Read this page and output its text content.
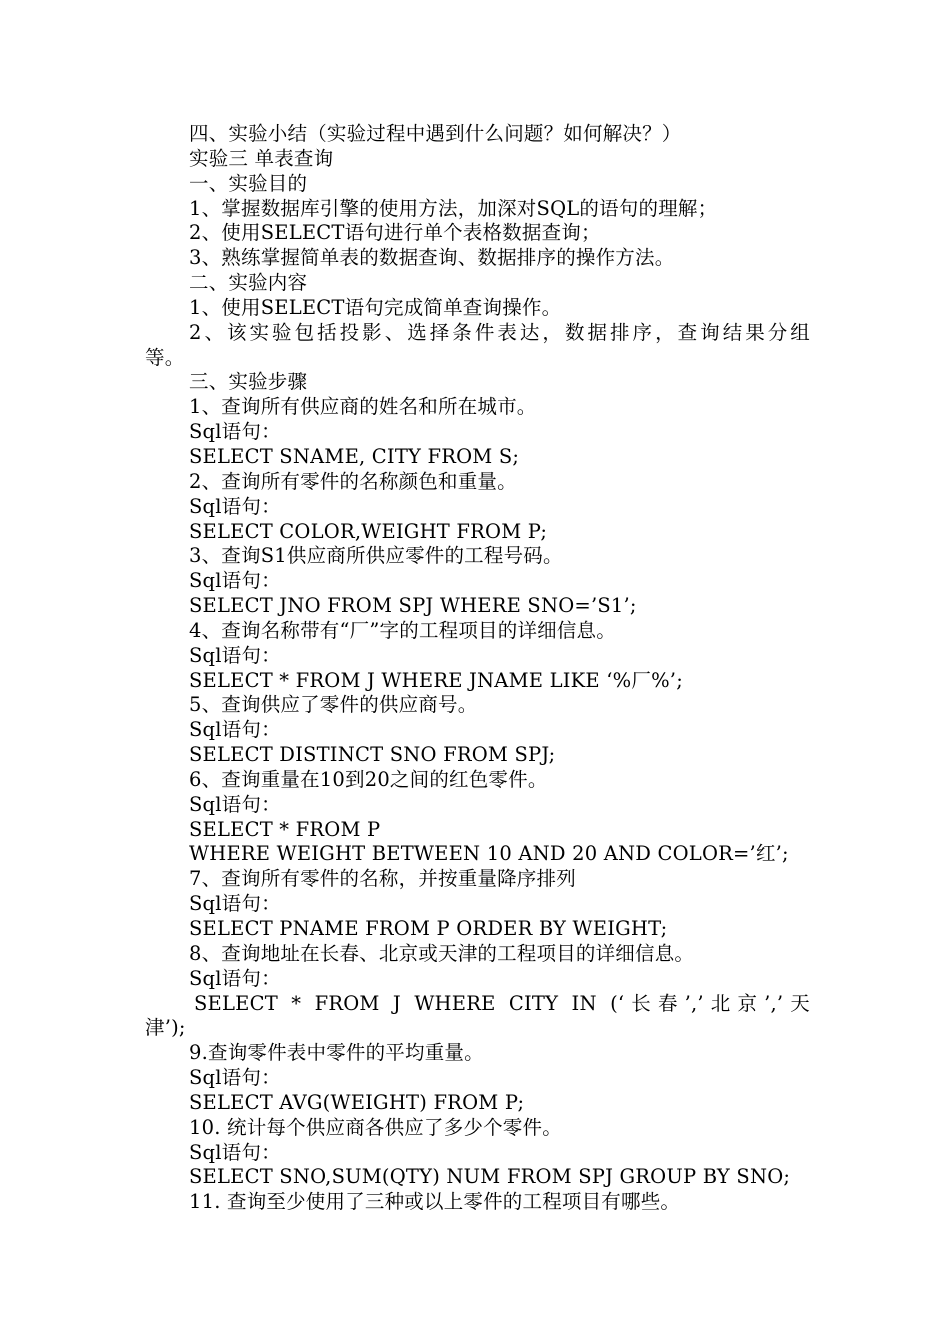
四、实验小结（实验过程中遇到什么问题？如何解决？）
实验三 单表查询
一、实验目的
1、掌握数据库引擎的使用方法，加深对SQL的语句的理解；
2、使用SELECT语句进行单个表格数据查询；
3、熟练掌握简单表的数据查询、数据排序的操作方法。
二、实验内容
1、使用SELECT语句完成简单查询操作。
2、该实验包括投影、选择条件表达，数据排序，查询结果分组
等。
三、实验步骤
1、查询所有供应商的姓名和所在城市。
Sql语句：
SELECT SNAME, CITY FROM S;
2、查询所有零件的名称颜色和重量。
Sql语句：
SELECT COLOR,WEIGHT FROM P;
3、查询S1供应商所供应零件的工程号码。
Sql语句：
SELECT JNO FROM SPJ WHERE SNO=’S1’;
4、查询名称带有“厂”字的工程项目的详细信息。
Sql语句：
SELECT * FROM J WHERE JNAME LIKE ‘%厂%’;
5、查询供应了零件的供应商号。
Sql语句：
SELECT DISTINCT SNO FROM SPJ;
6、查询重量在10到20之间的红色零件。
Sql语句：
SELECT * FROM P
WHERE WEIGHT BETWEEN 10 AND 20 AND COLOR=’红’;
7、查询所有零件的名称，并按重量降序排列
Sql语句：
SELECT PNAME FROM P ORDER BY WEIGHT;
8、查询地址在长春、北京或天津的工程项目的详细信息。
Sql语句：
SELECT * FROM J WHERE CITY IN (‘长春’,’北京’,’天
津’);
9.查询零件表中零件的平均重量。
Sql语句：
SELECT AVG(WEIGHT) FROM P;
10. 统计每个供应商各供应了多少个零件。
Sql语句：
SELECT SNO,SUM(QTY) NUM FROM SPJ GROUP BY SNO;
11. 查询至少使用了三种或以上零件的工程项目有哪些。
